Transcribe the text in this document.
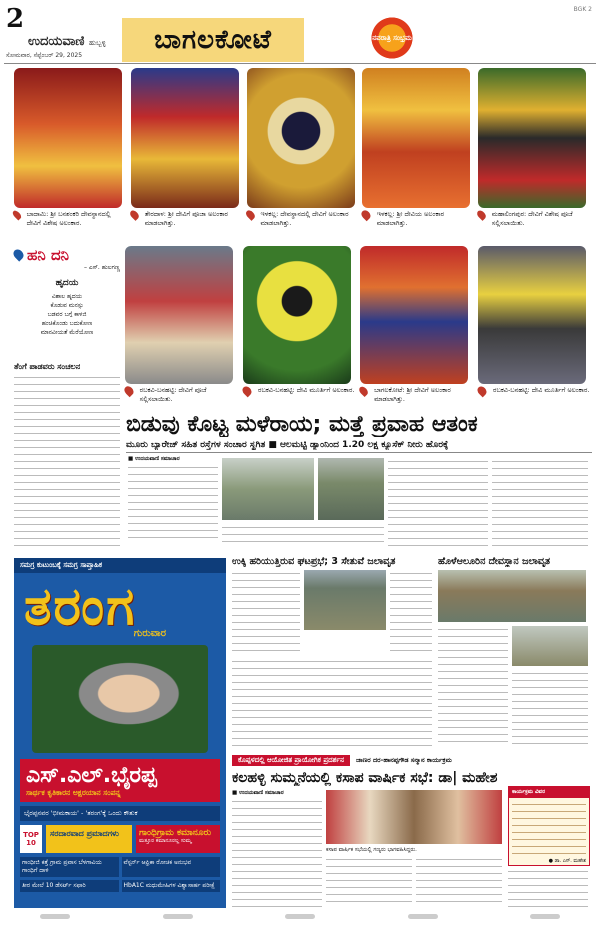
2
ಉದಯವಾಣಿ ಹುಬ್ಬಳ್ಳಿ
ಸೋಮವಾರ, ಸೆಪ್ಟೆಂಬರ್ 29, 2025
ಬಾಗಲಕೋಟೆ	ನವರಾತ್ರಿ ಸಂಭ್ರಮ
BGK 2
ಬಾದಾಮಿ: ಶ್ರೀ ಬನಶಂಕರಿ ದೇವಸ್ಥಾನದಲ್ಲಿ ದೇವಿಗೆ ವಿಶೇಷ ಅಲಂಕಾರ.
ತೇರದಾಳ: ಶ್ರೀ ದೇವಿಗೆ ಪೂಜಾ ಅಲಂಕಾರ ಮಾಡಲಾಗಿತ್ತು.
ಇಳಕಲ್ಲ: ದೇವಸ್ಥಾನದಲ್ಲಿ ದೇವಿಗೆ ಅಲಂಕಾರ ಮಾಡಲಾಗಿತ್ತು.
ಇಳಕಲ್ಲ: ಶ್ರೀ ದೇವಿಯ ಅಲಂಕಾರ ಮಾಡಲಾಗಿತ್ತು.
ಮಹಾಲಿಂಗಪುರ: ದೇವಿಗೆ ವಿಶೇಷ ಪೂಜೆ ಸಲ್ಲಿಸಲಾಯಿತು.
ಹನಿ ದನಿ
– ಎಸ್. ಹುಲಗಣ್ಣ
ಹೃದಯ
ವಿಶಾಲ ಹೃದಯ
ಕೊಡುವ ಮನಸ್ಸು
ಬಡವರ ಬಗ್ಗೆ ಕಾಳಜಿ
ಹಂಚಿಕೊಂಡು ಬದುಕೋಣ
ಮಾನವೀಯತೆ ಮೆರೆಯೋಣ
ತೆಂಗೆ ಪಾಡವರು ಸಂಚಲನ
ರಬಕವಿ-ಬನಹಟ್ಟಿ: ದೇವಿಗೆ ಪೂಜೆ ಸಲ್ಲಿಸಲಾಯಿತು.
ರಬಕವಿ-ಬನಹಟ್ಟಿ: ದೇವಿ ಮೂರ್ತಿಗೆ ಅಲಂಕಾರ.	ಬಾಗಲಕೋಟೆ: ಶ್ರೀ ದೇವಿಗೆ ಅಲಂಕಾರ ಮಾಡಲಾಗಿತ್ತು.
ರಬಕವಿ-ಬನಹಟ್ಟಿ: ದೇವಿ ಮೂರ್ತಿಗೆ ಅಲಂಕಾರ.
ಬಿಡುವು ಕೊಟ್ಟ ಮಳೆರಾಯ; ಮತ್ತೆ ಪ್ರವಾಹ ಆತಂಕ
ಮೂರು ಬ್ಯಾರೇಜ್ ಸಹಿತ ರಸ್ತೆಗಳ ಸಂಚಾರ ಸ್ಥಗಿತ ■ ಆಲಮಟ್ಟಿ ಡ್ಯಾಂನಿಂದ 1.20 ಲಕ್ಷ ಕ್ಯೂಸೆಕ್ ನೀರು ಹೊರಕ್ಕೆ
■ ಉದಯವಾಣಿ ಸಮಾಚಾರ
ಸಮಗ್ರ ಕುಟುಂಬಕ್ಕೆ ಸಮಗ್ರ ಸಾಪ್ತಾಹಿಕ
ತರಂಗ
ಗುರುವಾರ
ಎಸ್.ಎಲ್.ಭೈರಪ್ಪ
ಸಾರ್ಥಕ ಕೃತಿಕಾರನ ಅಕ್ಷರಯಾನ ಸಂಪನ್ನ
ಭೈರಪ್ಪನವರ 'ಭೀಮಕಾಯ' - 'ತರಂಗ'ಕ್ಕೆ ಒಂದು ಕೌತುಕ
TOP 10
ಸರದಾರವಾದ ಪ್ರಮಾದಗಳು	ಗಾಂಧಿಗ್ರಾಮ ಕಮಾನೂರು
ಮತ್ತೂರ ಕಮಾನೂರಲ್ಲ ಸುಮ್ಮ
ಗಾಂಧೀಜಿ ಕತ್ತೆ ಗ್ರಾಮ ಪ್ರವಾಸ ಬೆಳಗಾವಿಯ ಗಾಂಧಿಗೆ ದಾಳಿ
ವೆಸ್ಟರ್ನ್ ಆಫ್ರಿಕಾ ರೋಚಕ ಅನುಭವ
ತೀರ ಮೇಲೆ 10 ಡೆಸರ್ಟ್ ಸಫಾರಿ	HbA1C ಮಧುಮೇಹಿಗಳ ವಿಶ್ವಾಸಾರ್ಹ ಪರೀಕ್ಷೆ
ಉಕ್ಕಿ ಹರಿಯುತ್ತಿರುವ ಘಟಪ್ರಭೆ; 3 ಸೇತುವೆ ಜಲಾವೃತ	ಹೊಳೆಆಲೂರಿನ ದೇವಸ್ಥಾನ ಜಲಾವೃತ
ಕೊಪ್ಪಳದಲ್ಲಿ ಆಯೋಜಿತ ಪ್ರಾಯೋಗಿಕ ಪ್ರದರ್ಶನ	ಜಾಣರ ದರ-ಹಾನಪ್ಪಗೌಡ ಸನ್ಮಾನ ಕಾರ್ಯಕ್ರಮ
ಕಲಹಳ್ಳಿ ಸುಮ್ಮನೆಯಲ್ಲಿ ಕಸಾಪ ವಾರ್ಷಿಕ ಸಭೆ: ಡಾ| ಮಹೇಶ
■ ಉದಯವಾಣಿ ಸಮಾಚಾರ
ಕಸಾಪ ವಾರ್ಷಿಕ ಸಭೆಯಲ್ಲಿ ಗಣ್ಯರು ಭಾಗವಹಿಸಿದ್ದರು.
ಕಾರ್ಯಕ್ರಮ ವಿವರ
● ಡಾ. ಎಸ್. ಮಹೇಶ
